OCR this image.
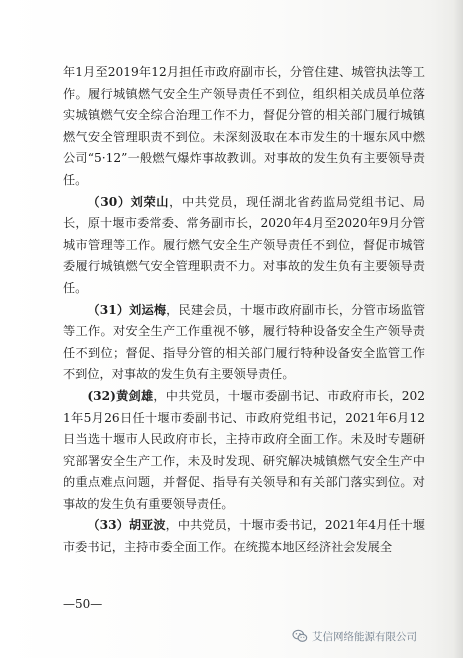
年1月至2019年12月担任市政府副市长，分管住建、城管执法等工作。履行城镇燃气安全生产领导责任不到位，组织相关成员单位落实城镇燃气安全综合治理工作不力，督促分管的相关部门履行城镇燃气安全管理职责不到位。未深刻汲取在本市发生的十堰东风中燃公司“5·12”一般燃气爆炸事故教训。对事故的发生负有主要领导责任。

（30）刘荣山，中共党员，现任湖北省药监局党组书记、局长，原十堰市委常委、常务副市长，2020年4月至2020年9月分管城市管理等工作。履行燃气安全生产领导责任不到位，督促市城管委履行城镇燃气安全管理职责不力。对事故的发生负有主要领导责任。

（31）刘运梅，民建会员，十堰市政府副市长，分管市场监管等工作。对安全生产工作重视不够，履行特种设备安全生产领导责任不到位；督促、指导分管的相关部门履行特种设备安全监管工作不到位，对事故的发生负有主要领导责任。

(32)黄剑雄，中共党员，十堰市委副书记、市政府市长，2021年5月26日任十堰市委副书记、市政府党组书记，2021年6月12日当选十堰市人民政府市长，主持市政府全面工作。未及时专题研究部署安全生产工作，未及时发现、研究解决城镇燃气安全生产中的重点难点问题，并督促、指导有关领导和有关部门落实到位。对事故的发生负有重要领导责任。

（33）胡亚波，中共党员，十堰市委书记，2021年4月任十堰市委书记，主持市委全面工作。在统揽本地区经济社会发展全

—50—
艾信网络能源有限公司
